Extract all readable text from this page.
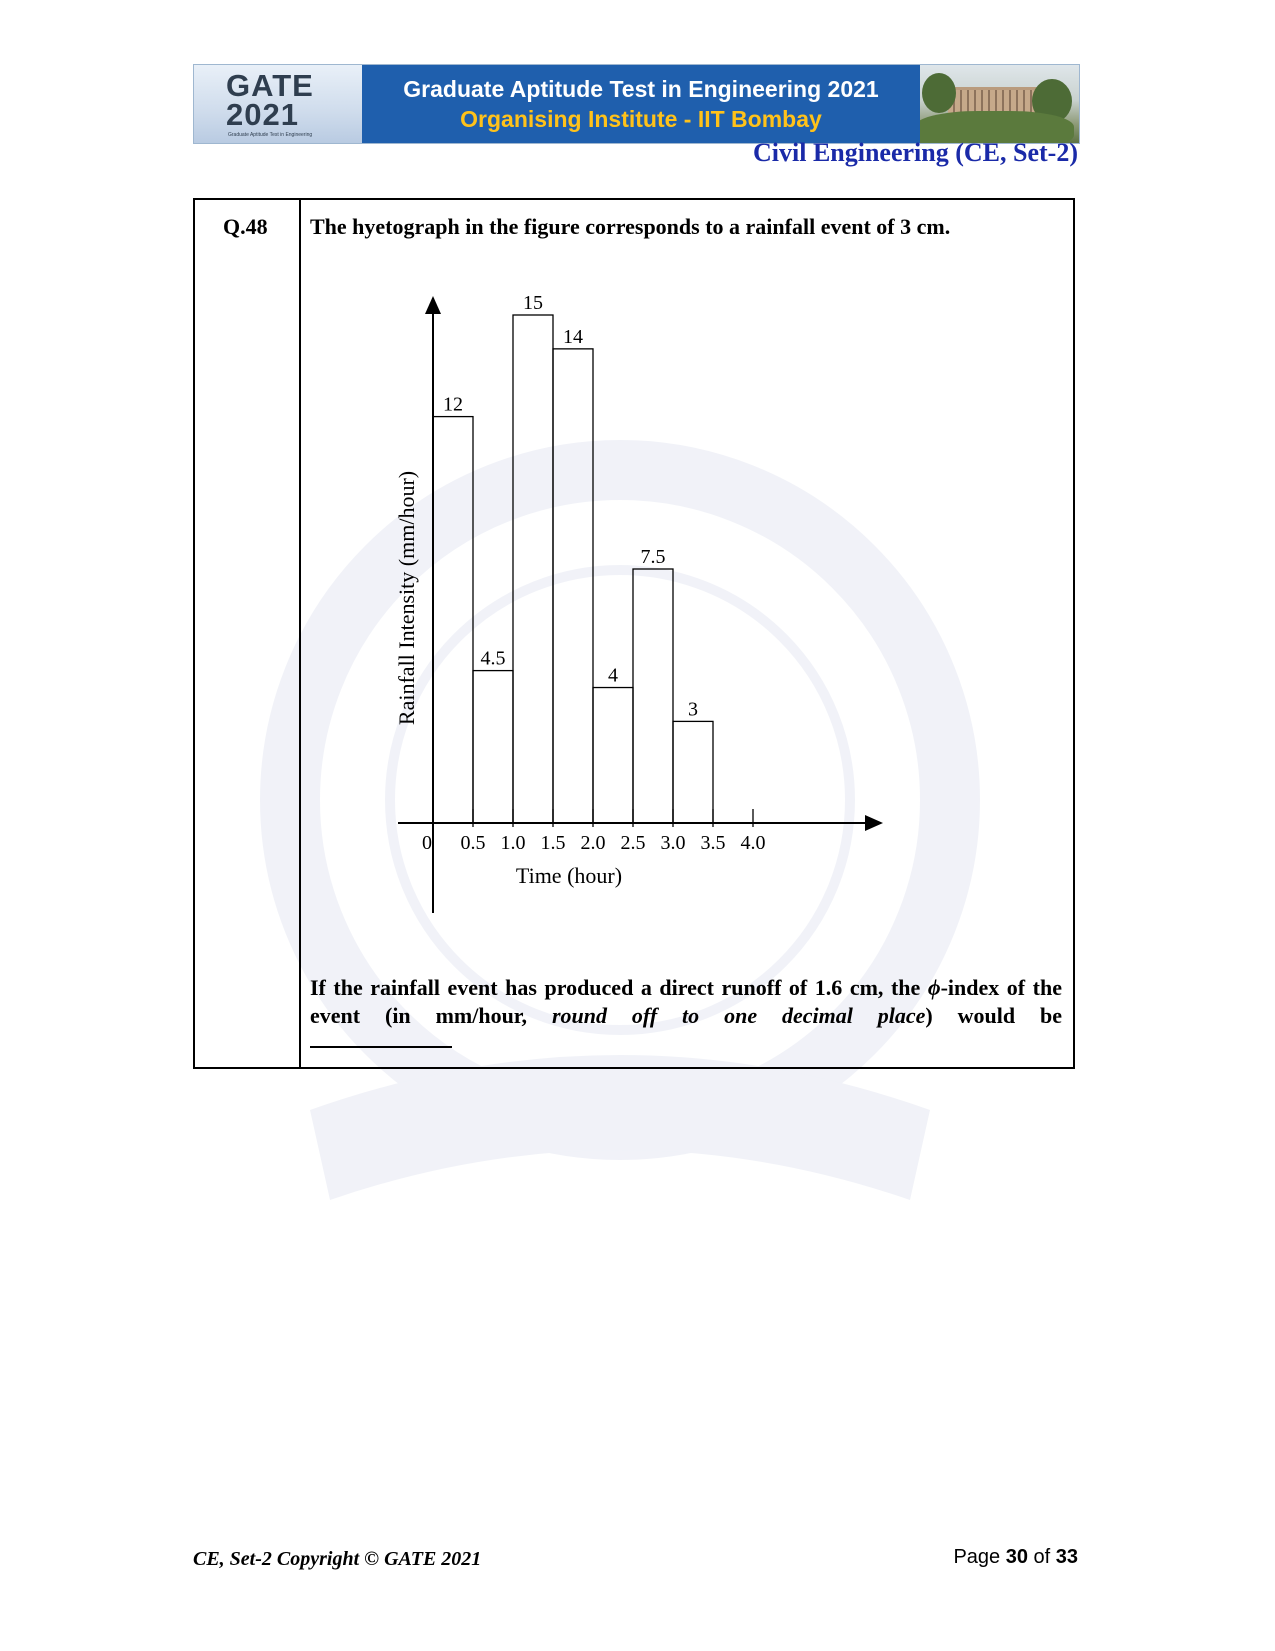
GATE
2021
Graduate Aptitude Test in Engineering
Graduate Aptitude Test in Engineering 2021
Organising Institute - IIT Bombay
Civil Engineering (CE, Set-2)
Q.48 The hyetograph in the figure corresponds to a rainfall event of 3 cm.
If the rainfall event has produced a direct runoff of 1.6 cm, the ϕ-index of the event (in mm/hour, round off to one decimal place) would be
12
4.5
15
14
4
7.5
3
0 0.5 1.0 1.5 2.0 2.5 3.0 3.5 4.0
Time (hour)
Rainfall Intensity (mm/hour)
CE, Set-2 Copyright © GATE 2021	Page 30 of 33
